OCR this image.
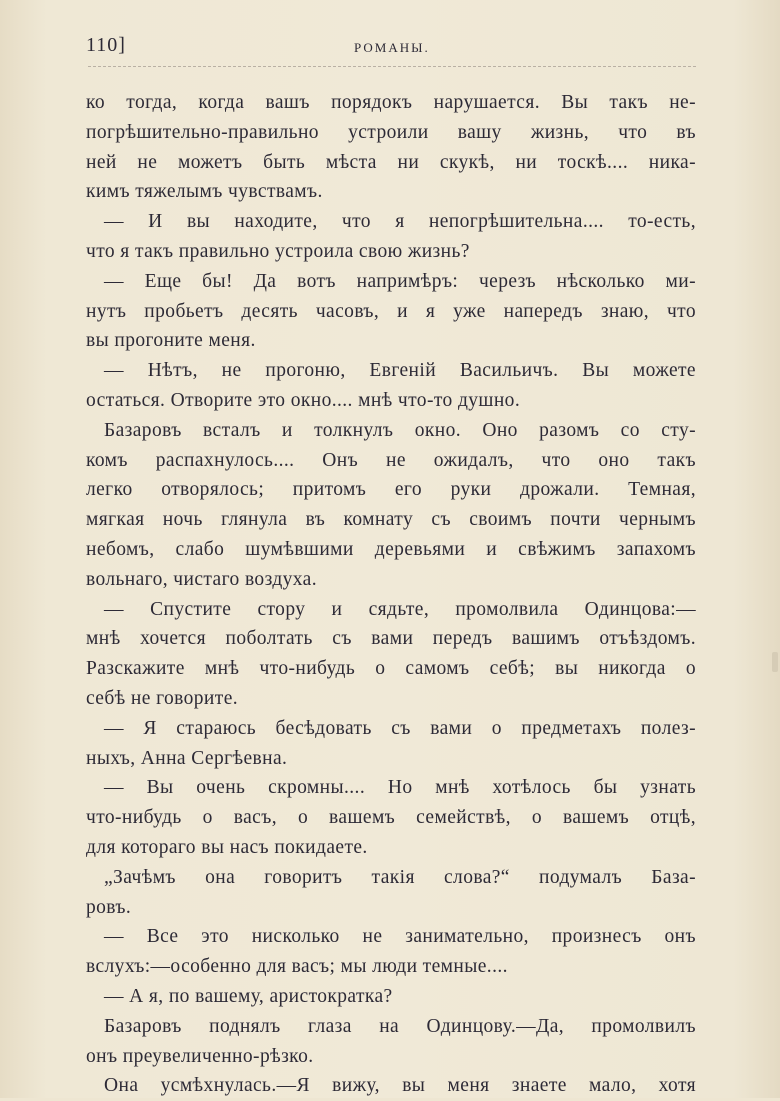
110]	РОМАНЫ.
ко тогда, когда вашъ порядокъ нарушается. Вы такъ не-
погрѣшительно-правильно устроили вашу жизнь, что въ
ней не можетъ быть мѣста ни скукѣ, ни тоскѣ.... ника-
кимъ тяжелымъ чувствамъ.
— И вы находите, что я непогрѣшительна.... то-есть,
что я такъ правильно устроила свою жизнь?
— Еще бы! Да вотъ напримѣръ: черезъ нѣсколько ми-
нутъ пробьетъ десять часовъ, и я уже напередъ знаю, что
вы прогоните меня.
— Нѣтъ, не прогоню, Евгеній Васильичъ. Вы можете
остаться. Отворите это окно.... мнѣ что-то душно.
Базаровъ всталъ и толкнулъ окно. Оно разомъ со сту-
комъ распахнулось.... Онъ не ожидалъ, что оно такъ
легко отворялось; притомъ его руки дрожали. Темная,
мягкая ночь глянула въ комнату съ своимъ почти чернымъ
небомъ, слабо шумѣвшими деревьями и свѣжимъ запахомъ
вольнаго, чистаго воздуха.
— Спустите стору и сядьте, промолвила Одинцова:—
мнѣ хочется поболтать съ вами передъ вашимъ отъѣздомъ.
Разскажите мнѣ что-нибудь о самомъ себѣ; вы никогда о
себѣ не говорите.
— Я стараюсь бесѣдовать съ вами о предметахъ полез-
ныхъ, Анна Сергѣевна.
— Вы очень скромны.... Но мнѣ хотѣлось бы узнать
что-нибудь о васъ, о вашемъ семействѣ, о вашемъ отцѣ,
для котораго вы насъ покидаете.
„Зачѣмъ она говоритъ такія слова?“ подумалъ База-
ровъ.
— Все это нисколько не занимательно, произнесъ онъ
вслухъ:—особенно для васъ; мы люди темные....
— А я, по вашему, аристократка?
Базаровъ поднялъ глаза на Одинцову.—Да, промолвилъ
онъ преувеличенно-рѣзко.
Она усмѣхнулась.—Я вижу, вы меня знаете мало, хотя
